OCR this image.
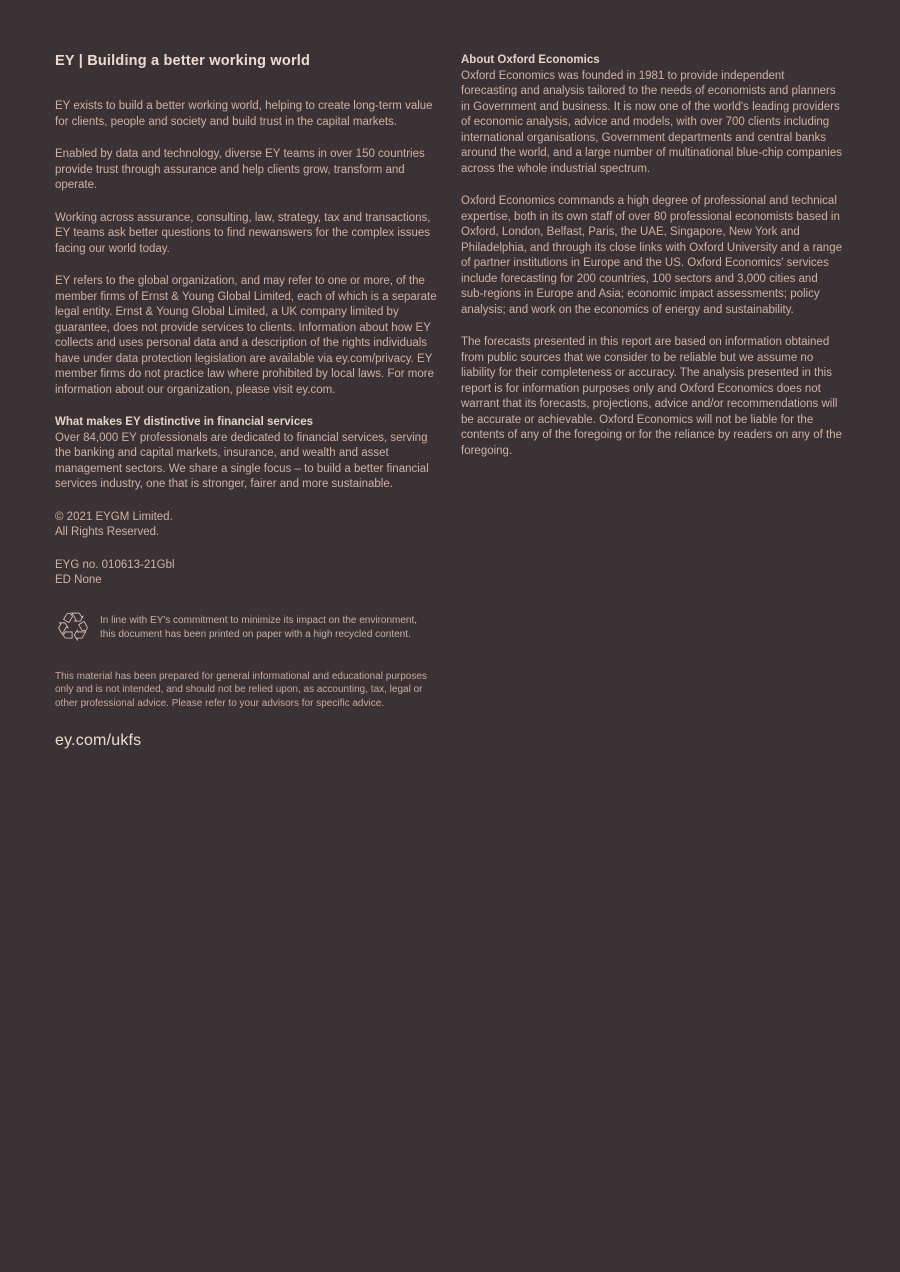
EY | Building a better working world

EY exists to build a better working world, helping to create long-term value for clients, people and society and build trust in the capital markets.

Enabled by data and technology, diverse EY teams in over 150 countries provide trust through assurance and help clients grow, transform and operate.

Working across assurance, consulting, law, strategy, tax and transactions, EY teams ask better questions to find newanswers for the complex issues facing our world today.

EY refers to the global organization, and may refer to one or more, of the member firms of Ernst & Young Global Limited, each of which is a separate legal entity. Ernst & Young Global Limited, a UK company limited by guarantee, does not provide services to clients. Information about how EY collects and uses personal data and a description of the rights individuals have under data protection legislation are available via ey.com/privacy. EY member firms do not practice law where prohibited by local laws. For more information about our organization, please visit ey.com.

What makes EY distinctive in financial services

Over 84,000 EY professionals are dedicated to financial services, serving the banking and capital markets, insurance, and wealth and asset management sectors. We share a single focus – to build a better financial services industry, one that is stronger, fairer and more sustainable.

© 2021 EYGM Limited.

All Rights Reserved.

EYG no. 010613-21Gbl

ED None

♲ In line with EY's commitment to minimize its impact on the environment, this document has been printed on paper with a high recycled content.

This material has been prepared for general informational and educational purposes only and is not intended, and should not be relied upon, as accounting, tax, legal or other professional advice. Please refer to your advisors for specific advice.

ey.com/ukfs
About Oxford Economics

Oxford Economics was founded in 1981 to provide independent forecasting and analysis tailored to the needs of economists and planners in Government and business. It is now one of the world's leading providers of economic analysis, advice and models, with over 700 clients including international organisations, Government departments and central banks around the world, and a large number of multinational blue-chip companies across the whole industrial spectrum.

Oxford Economics commands a high degree of professional and technical expertise, both in its own staff of over 80 professional economists based in Oxford, London, Belfast, Paris, the UAE, Singapore, New York and Philadelphia, and through its close links with Oxford University and a range of partner institutions in Europe and the US. Oxford Economics' services include forecasting for 200 countries, 100 sectors and 3,000 cities and sub-regions in Europe and Asia; economic impact assessments; policy analysis; and work on the economics of energy and sustainability.

The forecasts presented in this report are based on information obtained from public sources that we consider to be reliable but we assume no liability for their completeness or accuracy. The analysis presented in this report is for information purposes only and Oxford Economics does not warrant that its forecasts, projections, advice and/or recommendations will be accurate or achievable. Oxford Economics will not be liable for the contents of any of the foregoing or for the reliance by readers on any of the foregoing.
